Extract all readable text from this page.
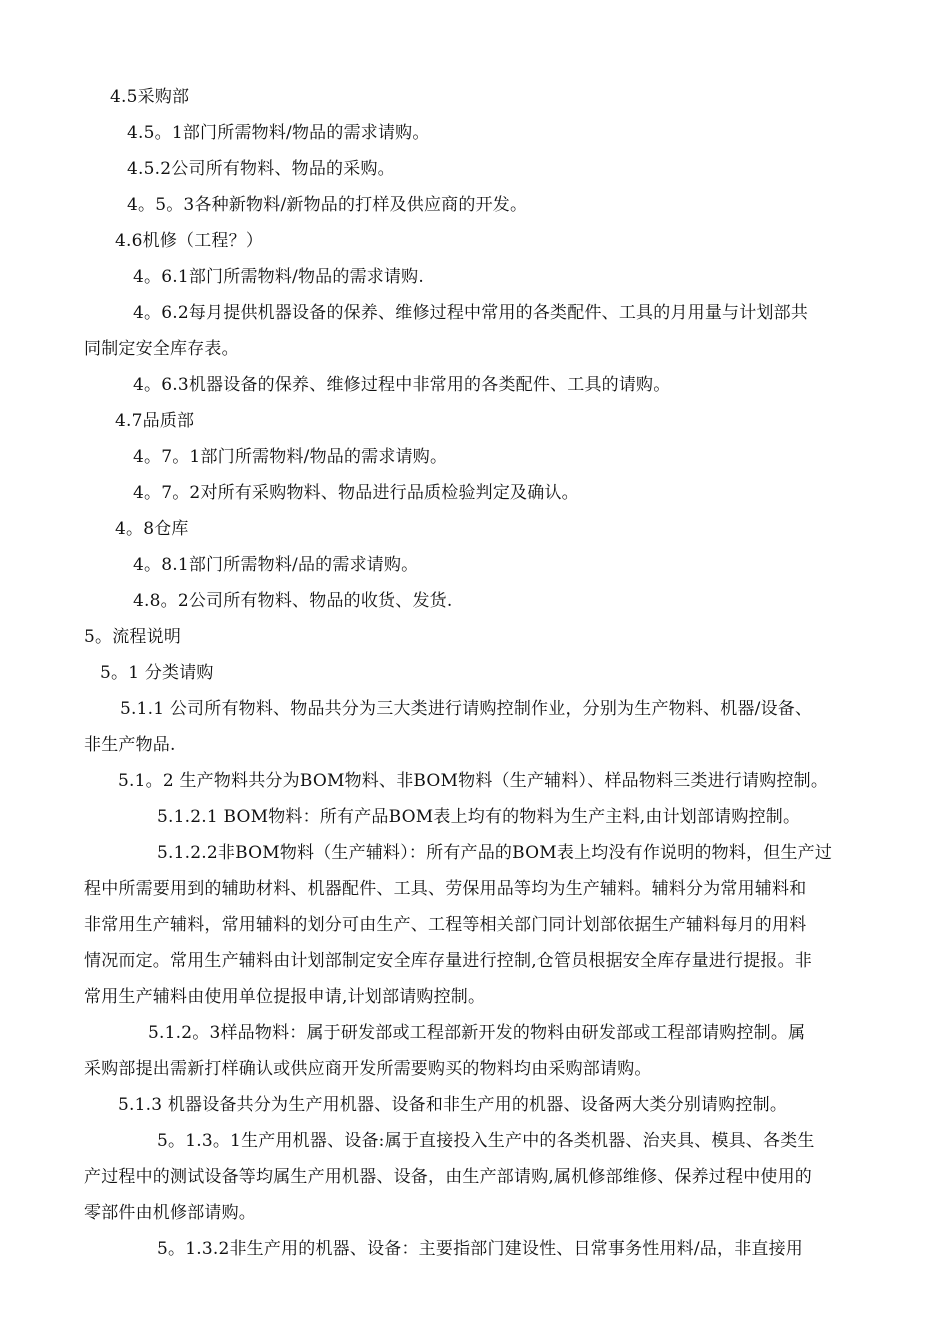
4.5采购部

4.5。1部门所需物料/物品的需求请购。

4.5.2公司所有物料、物品的采购。

4。5。3各种新物料/新物品的打样及供应商的开发。

4.6机修（工程？）

4。6.1部门所需物料/物品的需求请购.

4。6.2每月提供机器设备的保养、维修过程中常用的各类配件、工具的月用量与计划部共

同制定安全库存表。

4。6.3机器设备的保养、维修过程中非常用的各类配件、工具的请购。

4.7品质部

4。7。1部门所需物料/物品的需求请购。

4。7。2对所有采购物料、物品进行品质检验判定及确认。

4。8仓库

4。8.1部门所需物料/品的需求请购。

4.8。2公司所有物料、物品的收货、发货.

5。流程说明

5。1 分类请购

5.1.1 公司所有物料、物品共分为三大类进行请购控制作业，分别为生产物料、机器/设备、

非生产物品.

5.1。2 生产物料共分为BOM物料、非BOM物料（生产辅料）、样品物料三类进行请购控制。

5.1.2.1 BOM物料：所有产品BOM表上均有的物料为生产主料,由计划部请购控制。

5.1.2.2非BOM物料（生产辅料）：所有产品的BOM表上均没有作说明的物料，但生产过

程中所需要用到的辅助材料、机器配件、工具、劳保用品等均为生产辅料。辅料分为常用辅料和

非常用生产辅料，常用辅料的划分可由生产、工程等相关部门同计划部依据生产辅料每月的用料

情况而定。常用生产辅料由计划部制定安全库存量进行控制,仓管员根据安全库存量进行提报。非

常用生产辅料由使用单位提报申请,计划部请购控制。

5.1.2。3样品物料：属于研发部或工程部新开发的物料由研发部或工程部请购控制。属

采购部提出需新打样确认或供应商开发所需要购买的物料均由采购部请购。

5.1.3 机器设备共分为生产用机器、设备和非生产用的机器、设备两大类分别请购控制。

5。1.3。1生产用机器、设备:属于直接投入生产中的各类机器、治夹具、模具、各类生

产过程中的测试设备等均属生产用机器、设备，由生产部请购,属机修部维修、保养过程中使用的

零部件由机修部请购。

5。1.3.2非生产用的机器、设备：主要指部门建设性、日常事务性用料/品，非直接用
